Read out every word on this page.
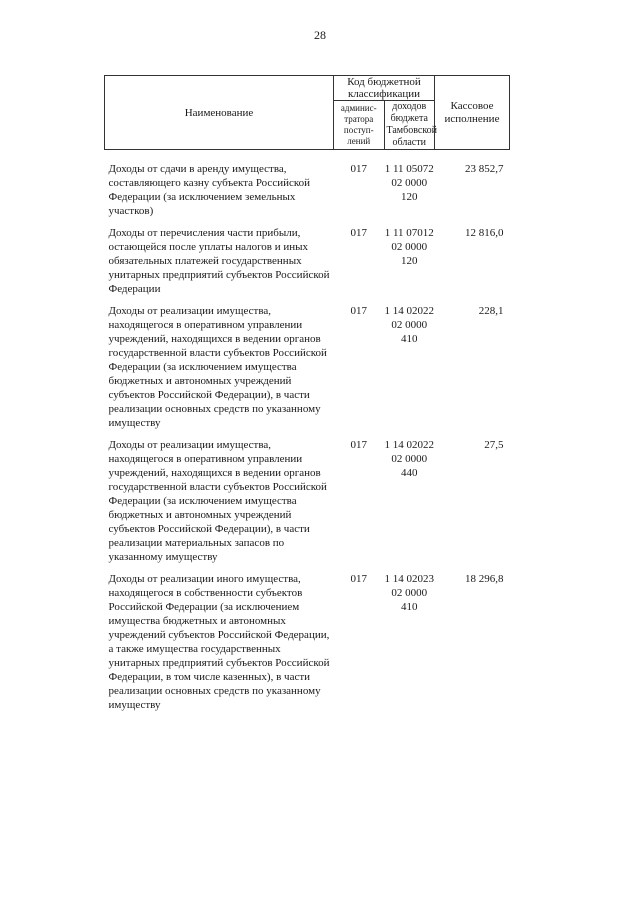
28
Наименование	Код бюджетной классификации		Кассовое исполнение
	админис-тратора поступ-лений	доходов бюджета Тамбовской области	
Доходы от сдачи в аренду имущества, составляющего казну субъекта Российской Федерации (за исключением земельных участков)	017	1 11 05072 02 0000 120	23 852,7
Доходы от перечисления части прибыли, остающейся после уплаты налогов и иных обязательных платежей государственных унитарных предприятий субъектов Российской Федерации	017	1 11 07012 02 0000 120	12 816,0
Доходы от реализации имущества, находящегося в оперативном управлении учреждений, находящихся в ведении органов государственной власти субъектов Российской Федерации (за исключением имущества бюджетных и автономных учреждений субъектов Российской Федерации), в части реализации основных средств по указанному имуществу	017	1 14 02022 02 0000 410	228,1
Доходы от реализации имущества, находящегося в оперативном управлении учреждений, находящихся в ведении органов государственной власти субъектов Российской Федерации (за исключением имущества бюджетных и автономных учреждений субъектов Российской Федерации), в части реализации материальных запасов по указанному имуществу	017	1 14 02022 02 0000 440	27,5
Доходы от реализации иного имущества, находящегося в собственности субъектов Российской Федерации (за исключением имущества бюджетных и автономных учреждений субъектов Российской Федерации, а также имущества государственных унитарных предприятий субъектов Российской Федерации, в том числе казенных), в части реализации основных средств по указанному имуществу	017	1 14 02023 02 0000 410	18 296,8
